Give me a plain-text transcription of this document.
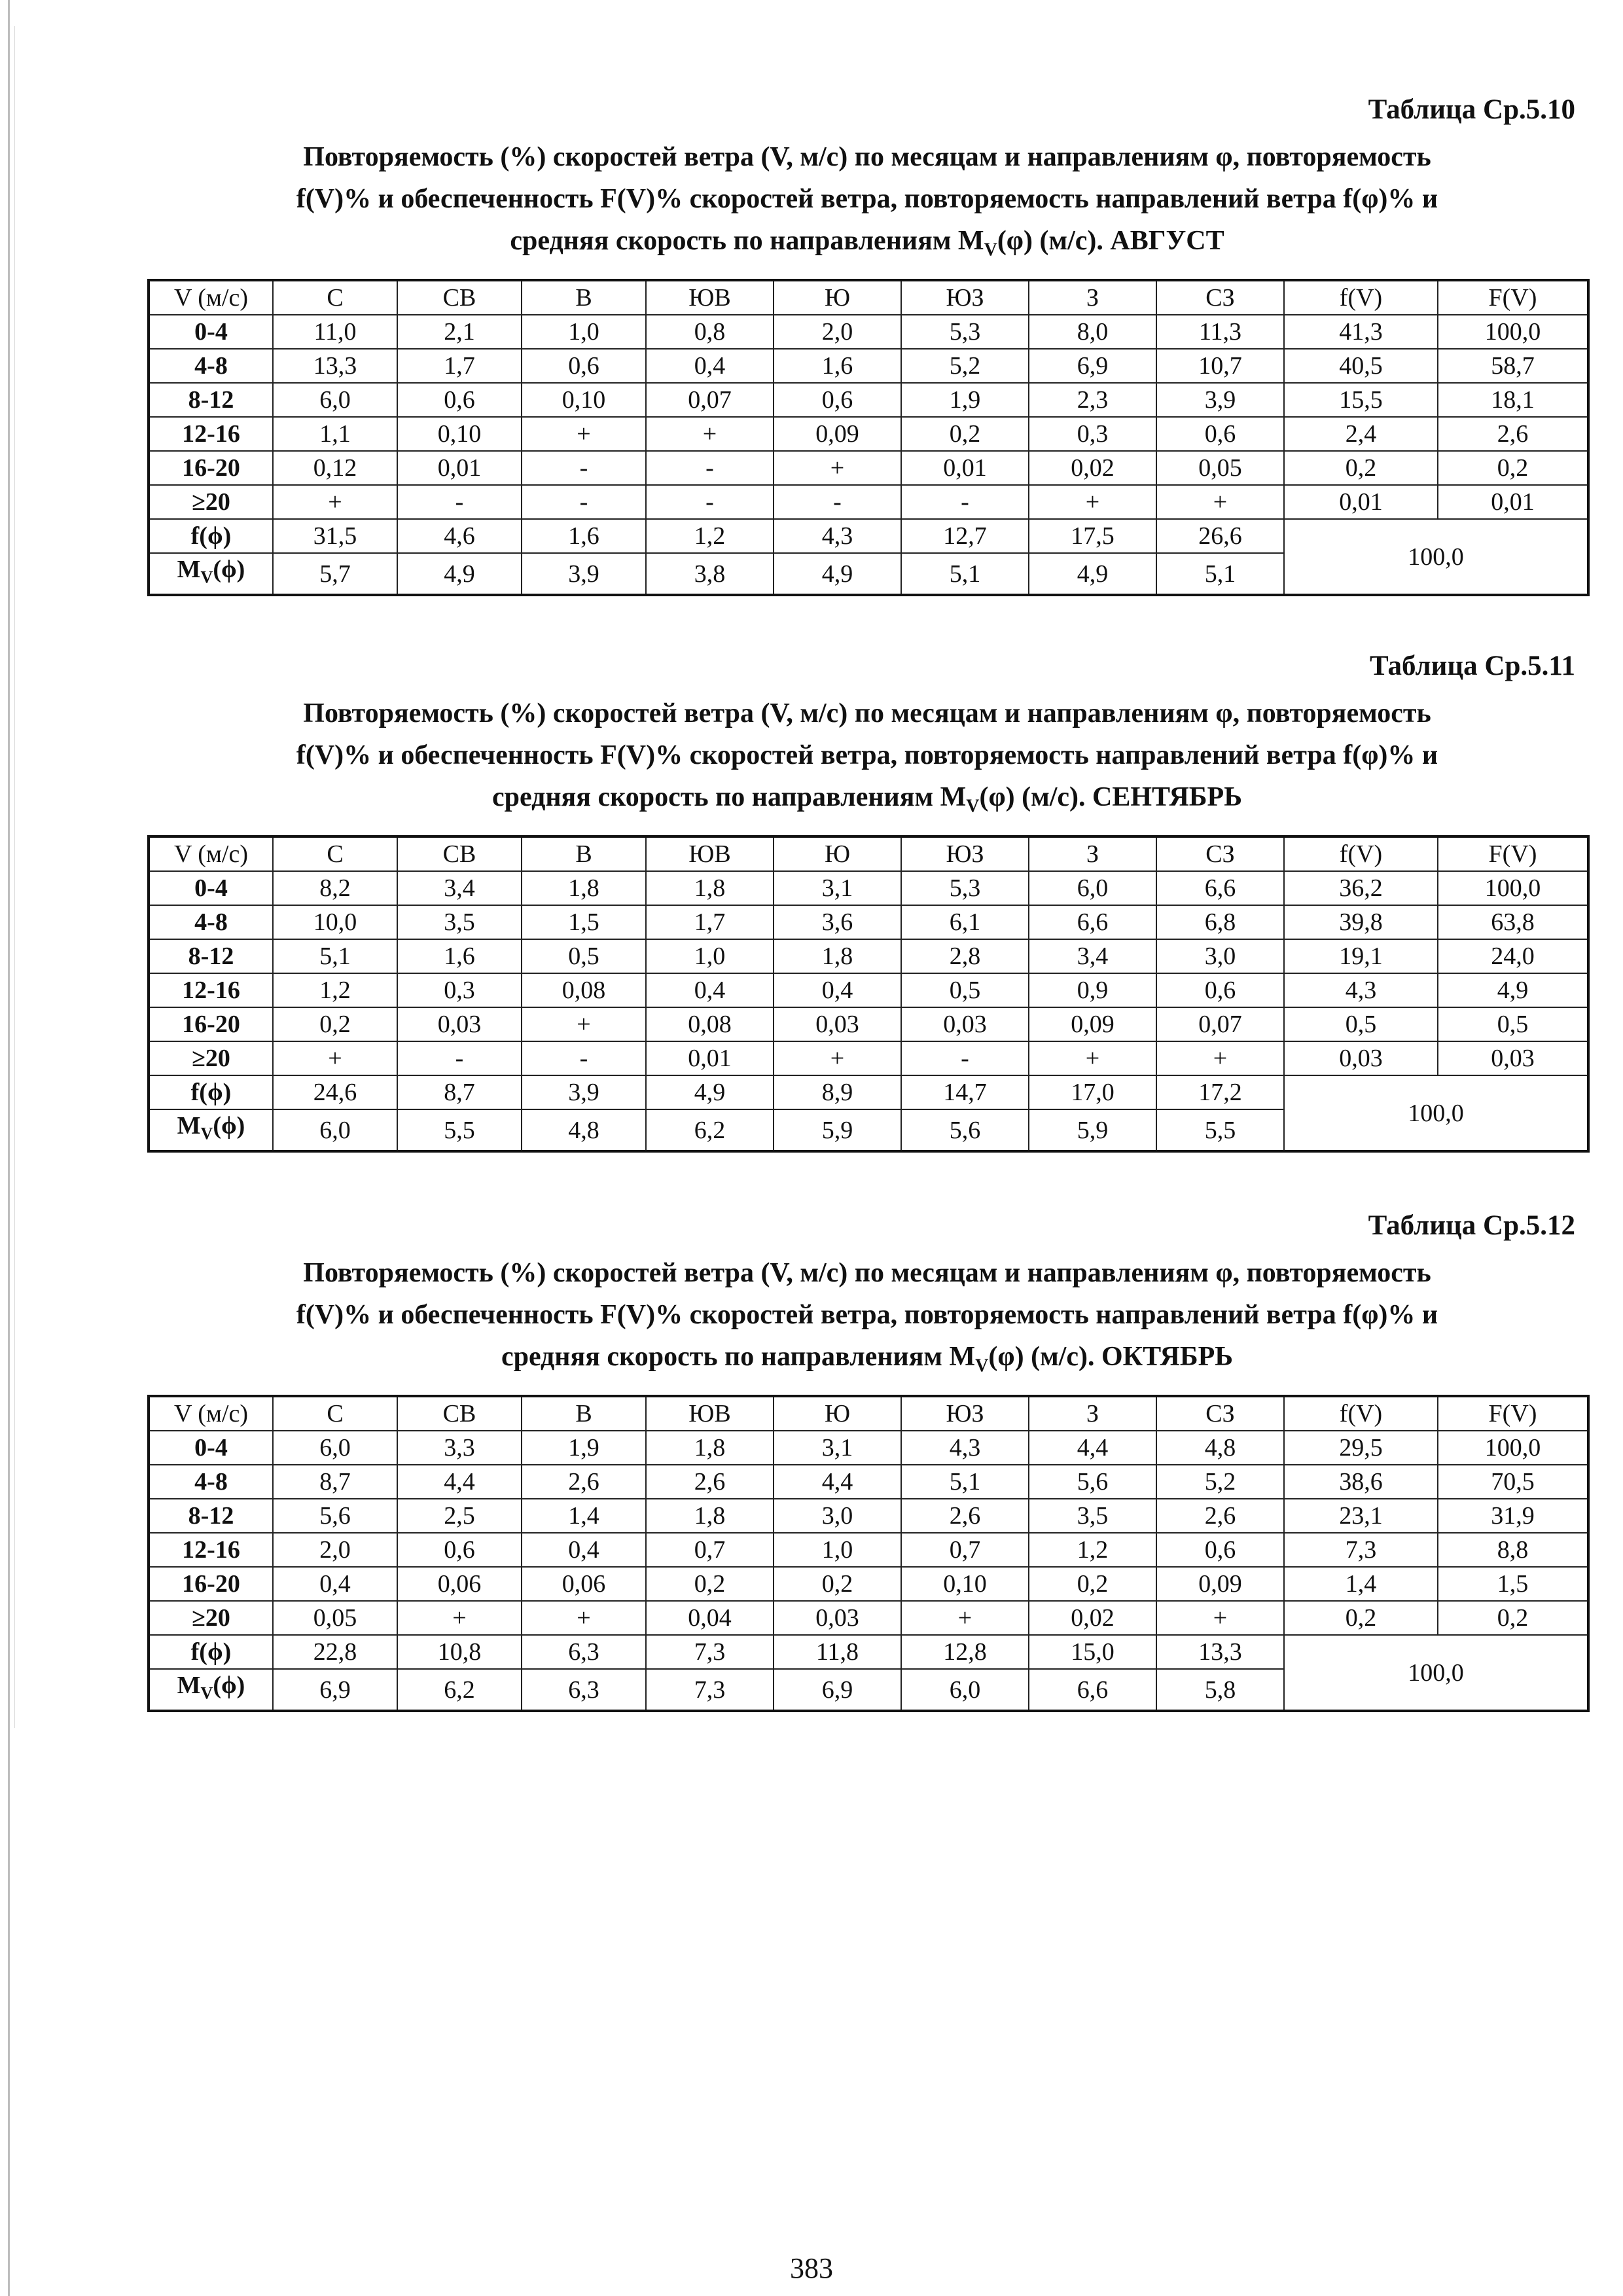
Таблица Ср.5.10
Повторяемость (%) скоростей ветра (V, м/с) по месяцам и направлениям φ, повторяемость
f(V)% и обеспеченность F(V)% скоростей ветра, повторяемость направлений ветра f(φ)% и
средняя скорость по направлениям $M_V(\varphi)$ (м/с). АВГУСТ
V (м/с)	С	СВ	В	ЮВ	Ю	ЮЗ	З	СЗ	f(V)	F(V)
0-4	11,0	2,1	1,0	0,8	2,0	5,3	8,0	11,3	41,3	100,0
4-8	13,3	1,7	0,6	0,4	1,6	5,2	6,9	10,7	40,5	58,7
8-12	6,0	0,6	0,10	0,07	0,6	1,9	2,3	3,9	15,5	18,1
12-16	1,1	0,10	+	+	0,09	0,2	0,3	0,6	2,4	2,6
16-20	0,12	0,01	-	-	+	0,01	0,02	0,05	0,2	0,2
≥20	+	-	-	-	-	-	+	+	0,01	0,01
f(ϕ)	31,5	4,6	1,6	1,2	4,3	12,7	17,5	26,6	100,0	
$M_V(\phi)$	5,7	4,9	3,9	3,8	4,9	5,1	4,9	5,1		
Таблица Ср.5.11
Повторяемость (%) скоростей ветра (V, м/с) по месяцам и направлениям φ, повторяемость
f(V)% и обеспеченность F(V)% скоростей ветра, повторяемость направлений ветра f(φ)% и
средняя скорость по направлениям $M_V(\varphi)$ (м/с). СЕНТЯБРЬ
V (м/с)	С	СВ	В	ЮВ	Ю	ЮЗ	З	СЗ	f(V)	F(V)
0-4	8,2	3,4	1,8	1,8	3,1	5,3	6,0	6,6	36,2	100,0
4-8	10,0	3,5	1,5	1,7	3,6	6,1	6,6	6,8	39,8	63,8
8-12	5,1	1,6	0,5	1,0	1,8	2,8	3,4	3,0	19,1	24,0
12-16	1,2	0,3	0,08	0,4	0,4	0,5	0,9	0,6	4,3	4,9
16-20	0,2	0,03	+	0,08	0,03	0,03	0,09	0,07	0,5	0,5
≥20	+	-	-	0,01	+	-	+	+	0,03	0,03
f(ϕ)	24,6	8,7	3,9	4,9	8,9	14,7	17,0	17,2	100,0	
$M_V(\phi)$	6,0	5,5	4,8	6,2	5,9	5,6	5,9	5,5		
Таблица Ср.5.12
Повторяемость (%) скоростей ветра (V, м/с) по месяцам и направлениям φ, повторяемость
f(V)% и обеспеченность F(V)% скоростей ветра, повторяемость направлений ветра f(φ)% и
средняя скорость по направлениям $M_V(\varphi)$ (м/с). ОКТЯБРЬ
V (м/с)	С	СВ	В	ЮВ	Ю	ЮЗ	З	СЗ	f(V)	F(V)
0-4	6,0	3,3	1,9	1,8	3,1	4,3	4,4	4,8	29,5	100,0
4-8	8,7	4,4	2,6	2,6	4,4	5,1	5,6	5,2	38,6	70,5
8-12	5,6	2,5	1,4	1,8	3,0	2,6	3,5	2,6	23,1	31,9
12-16	2,0	0,6	0,4	0,7	1,0	0,7	1,2	0,6	7,3	8,8
16-20	0,4	0,06	0,06	0,2	0,2	0,10	0,2	0,09	1,4	1,5
≥20	0,05	+	+	0,04	0,03	+	0,02	+	0,2	0,2
f(ϕ)	22,8	10,8	6,3	7,3	11,8	12,8	15,0	13,3	100,0	
$M_V(\phi)$	6,9	6,2	6,3	7,3	6,9	6,0	6,6	5,8		
383
